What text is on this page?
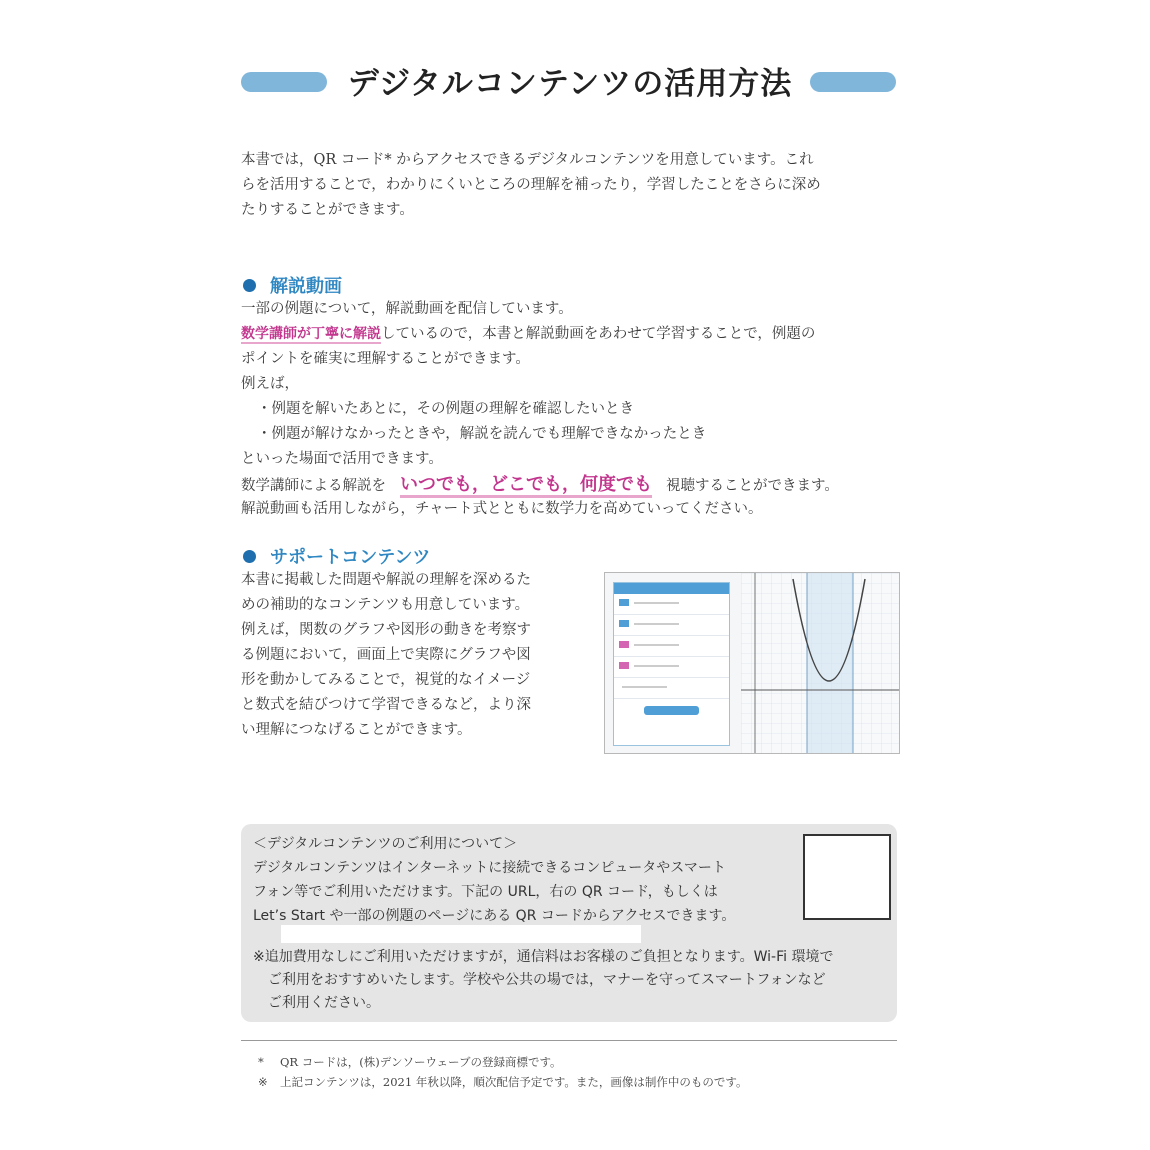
デジタルコンテンツの活用方法
本書では，QR コード* からアクセスできるデジタルコンテンツを用意しています。これ
らを活用することで，わかりにくいところの理解を補ったり，学習したことをさらに深め
たりすることができます。
解説動画
一部の例題について，解説動画を配信しています。
数学講師が丁寧に解説しているので，本書と解説動画をあわせて学習することで，例題の
ポイントを確実に理解することができます。
例えば，
・例題を解いたあとに，その例題の理解を確認したいとき
・例題が解けなかったときや，解説を読んでも理解できなかったとき
といった場面で活用できます。
数学講師による解説を いつでも，どこでも，何度でも 視聴することができます。
解説動画も活用しながら，チャート式とともに数学力を高めていってください。
サポートコンテンツ
本書に掲載した問題や解説の理解を深めるた
めの補助的なコンテンツも用意しています。
例えば，関数のグラフや図形の動きを考察す
る例題において，画面上で実際にグラフや図
形を動かしてみることで，視覚的なイメージ
と数式を結びつけて学習できるなど，より深
い理解につなげることができます。
＜デジタルコンテンツのご利用について＞
デジタルコンテンツはインターネットに接続できるコンピュータやスマート
フォン等でご利用いただけます。下記の URL，右の QR コード，もしくは
Let’s Start や一部の例題のページにある QR コードからアクセスできます。
※追加費用なしにご利用いただけますが，通信料はお客様のご負担となります。Wi-Fi 環境で
ご利用をおすすめいたします。学校や公共の場では，マナーを守ってスマートフォンなど
ご利用ください。
* QR コードは，(株)デンソーウェーブの登録商標です。
※ 上記コンテンツは，2021 年秋以降，順次配信予定です。また，画像は制作中のものです。
